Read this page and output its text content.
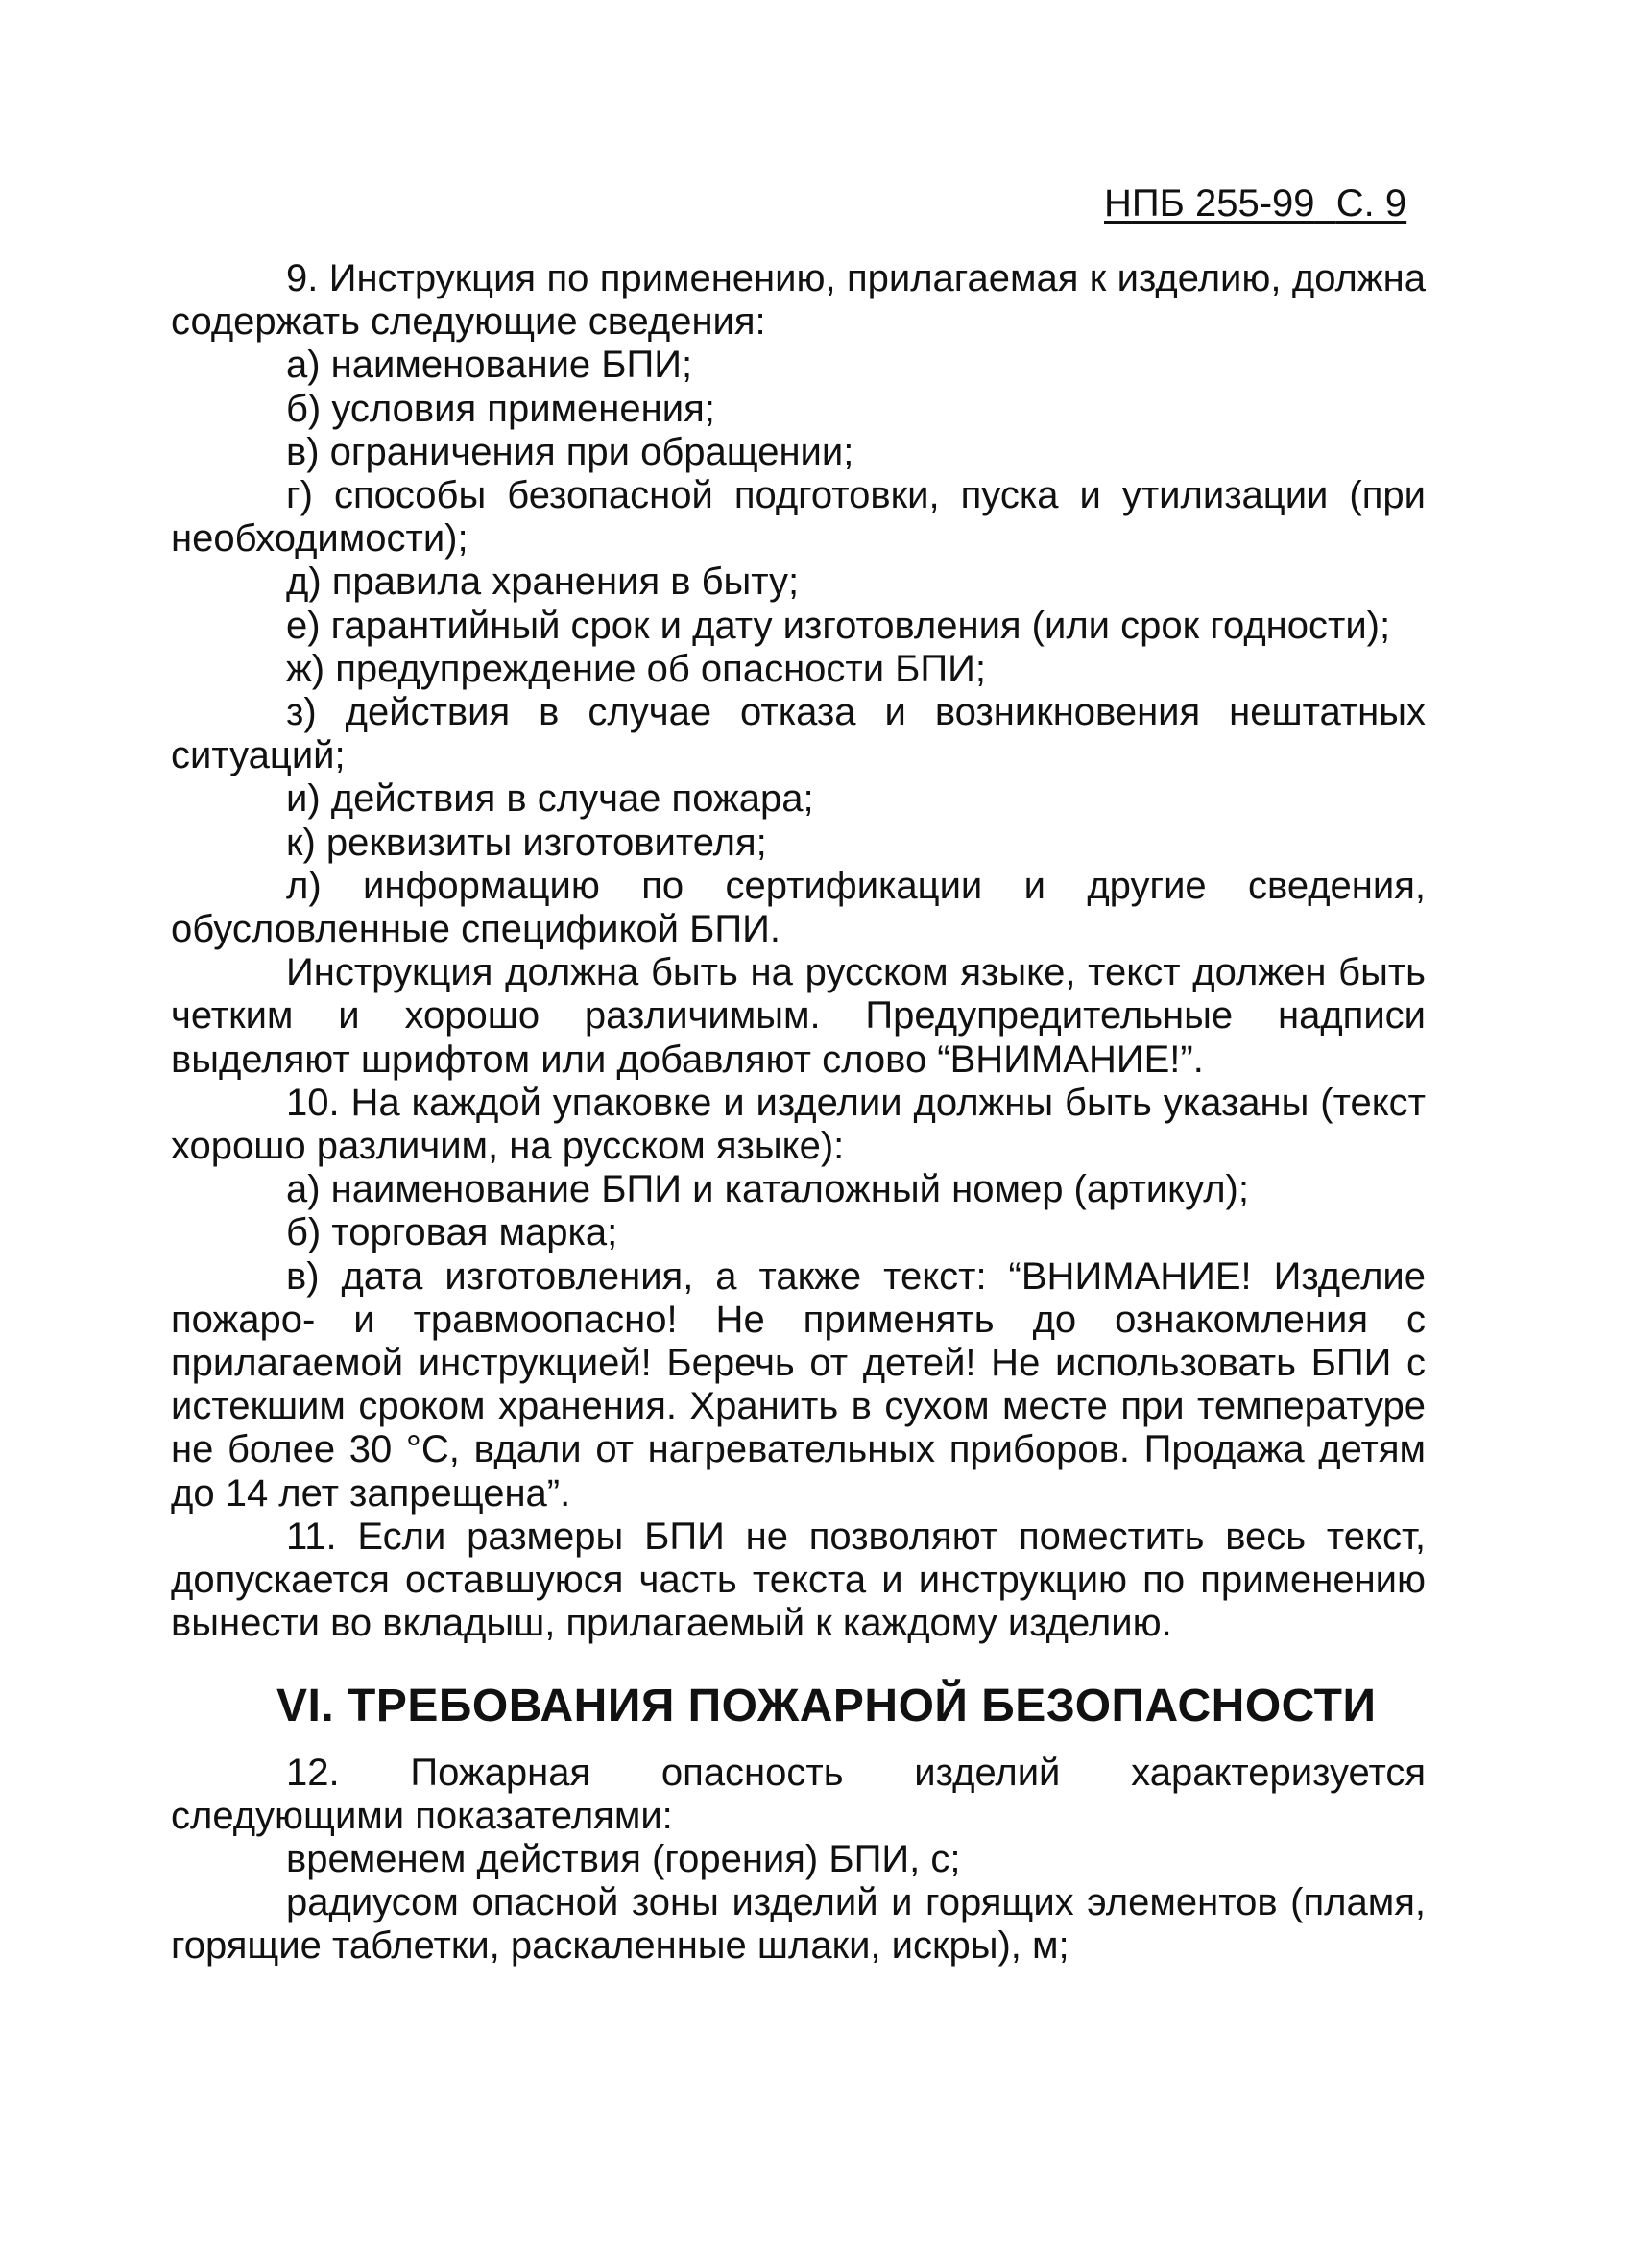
НПБ 255-99 С. 9

9. Инструкция по применению, прилагаемая к изделию, должна содержать следующие сведения:

а) наименование БПИ;

б) условия применения;

в) ограничения при обращении;

г) способы безопасной подготовки, пуска и утилизации (при необходимости);

д) правила хранения в быту;

е) гарантийный срок и дату изготовления (или срок годности);

ж) предупреждение об опасности БПИ;

з) действия в случае отказа и возникновения нештатных ситуаций;

и) действия в случае пожара;

к) реквизиты изготовителя;

л) информацию по сертификации и другие сведения, обусловленные спецификой БПИ.

Инструкция должна быть на русском языке, текст должен быть четким и хорошо различимым. Предупредительные надписи выделяют шрифтом или добавляют слово “ВНИМАНИЕ!”.

10. На каждой упаковке и изделии должны быть указаны (текст хорошо различим, на русском языке):

а) наименование БПИ и каталожный номер (артикул);

б) торговая марка;

в) дата изготовления, а также текст: “ВНИМАНИЕ! Изделие пожаро- и травмоопасно! Не применять до ознакомления с прилагаемой инструкцией! Беречь от детей! Не использовать БПИ с истекшим сроком хранения. Хранить в сухом месте при температуре не более 30 °С, вдали от нагревательных приборов. Продажа детям до 14 лет запрещена”.

11. Если размеры БПИ не позволяют поместить весь текст, допускается оставшуюся часть текста и инструкцию по применению вынести во вкладыш, прилагаемый к каждому изделию.

VI. ТРЕБОВАНИЯ ПОЖАРНОЙ БЕЗОПАСНОСТИ

12. Пожарная опасность изделий характеризуется следующими показателями:

временем действия (горения) БПИ, с;

радиусом опасной зоны изделий и горящих элементов (пламя, горящие таблетки, раскаленные шлаки, искры), м;
